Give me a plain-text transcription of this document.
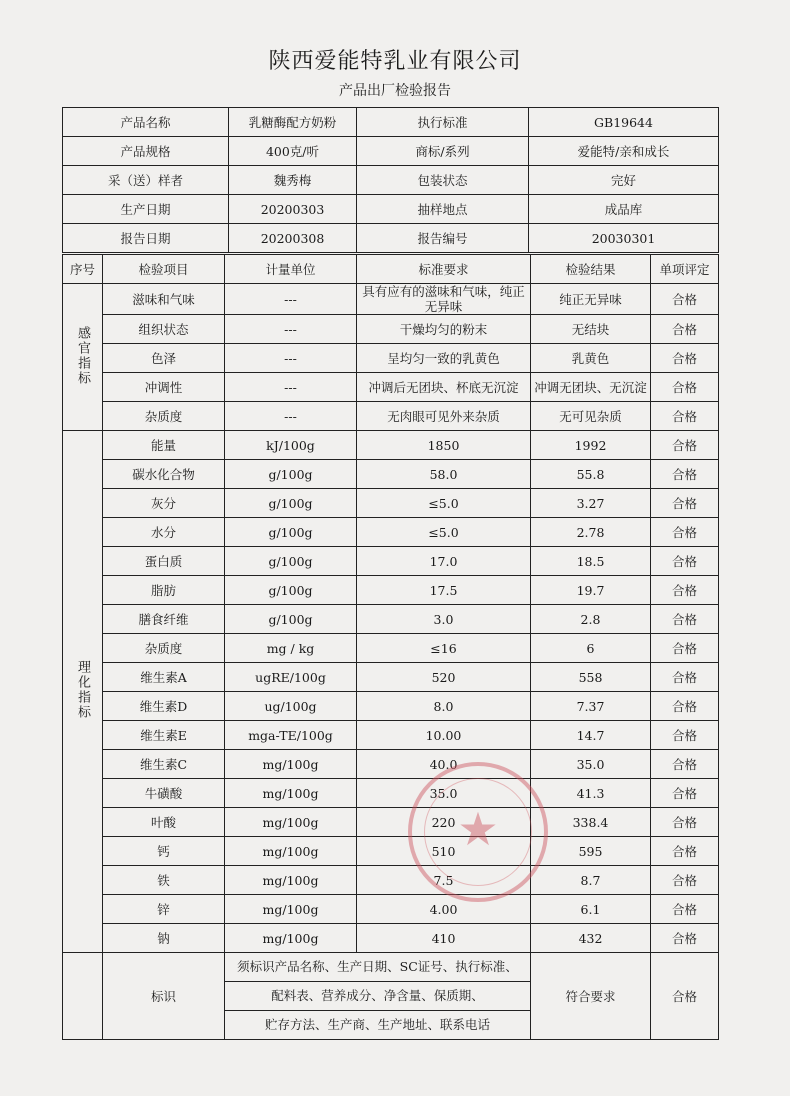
陕西爱能特乳业有限公司
产品出厂检验报告
产品名称	乳糖酶配方奶粉	执行标准	GB19644
产品规格	400克/听	商标/系列	爱能特/亲和成长
采（送）样者	魏秀梅	包装状态	完好
生产日期	20200303	抽样地点	成品库
报告日期	20200308	报告编号	20030301
序号	检验项目	计量单位	标准要求	检验结果	单项评定
感官指标	滋味和气味	---	具有应有的滋味和气味，纯正无异味	纯正无异味	合格
	组织状态	---	干燥均匀的粉末	无结块	合格
	色泽	---	呈均匀一致的乳黄色	乳黄色	合格
	冲调性	---	冲调后无团块、杯底无沉淀	冲调无团块、无沉淀	合格
	杂质度	---	无肉眼可见外来杂质	无可见杂质	合格
理化指标	能量	kJ/100g	1850	1992	合格
	碳水化合物	g/100g	58.0	55.8	合格
	灰分	g/100g	≤5.0	3.27	合格
	水分	g/100g	≤5.0	2.78	合格
	蛋白质	g/100g	17.0	18.5	合格
	脂肪	g/100g	17.5	19.7	合格
	膳食纤维	g/100g	3.0	2.8	合格
	杂质度	mg / kg	≤16	6	合格
	维生素A	ugRE/100g	520	558	合格
	维生素D	ug/100g	8.0	7.37	合格
	维生素E	mga-TE/100g	10.00	14.7	合格
	维生素C	mg/100g	40.0	35.0	合格
	牛磺酸	mg/100g	35.0	41.3	合格
	叶酸	mg/100g	220	338.4	合格
	钙	mg/100g	510	595	合格
	铁	mg/100g	7.5	8.7	合格
	锌	mg/100g	4.00	6.1	合格
	钠	mg/100g	410	432	合格
	标识	须标识产品名称、生产日期、SC证号、执行标准、
配料表、营养成分、净含量、保质期、
贮存方法、生产商、生产地址、联系电话		符合要求	合格
★
